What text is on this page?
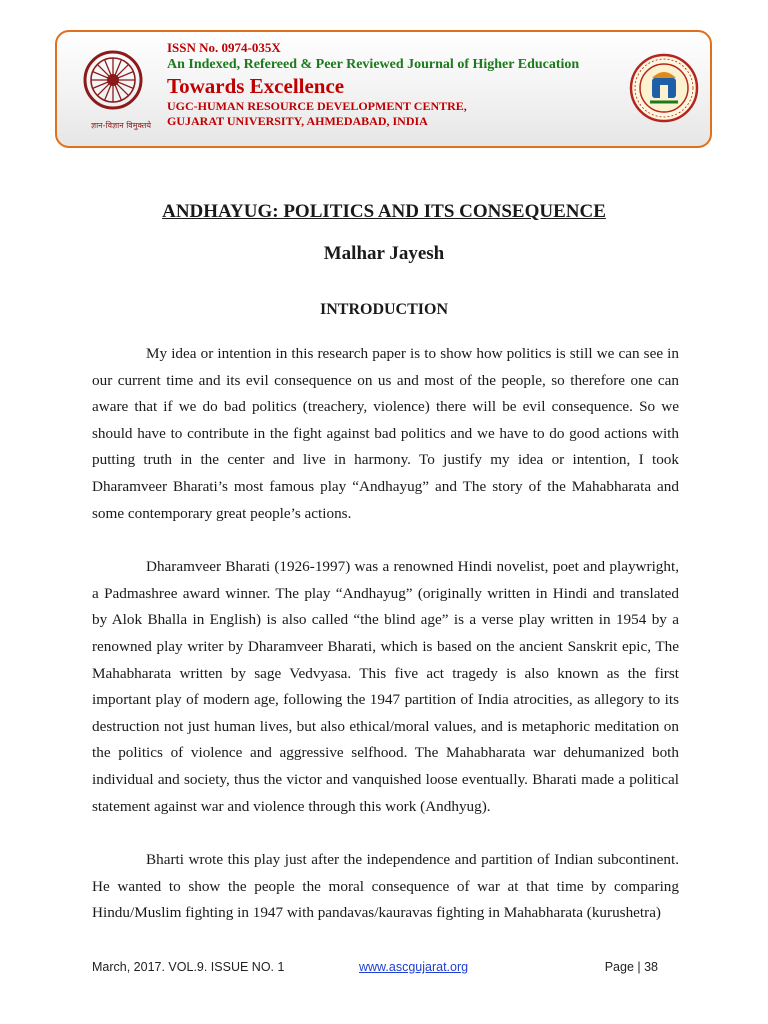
ज्ञान-विज्ञान विमुक्तये
ISSN No. 0974-035X
An Indexed, Refereed & Peer Reviewed Journal of Higher Education
Towards Excellence
UGC-HUMAN RESOURCE DEVELOPMENT CENTRE,
GUJARAT UNIVERSITY, AHMEDABAD, INDIA
ANDHAYUG: POLITICS AND ITS CONSEQUENCE
Malhar Jayesh
INTRODUCTION

My idea or intention in this research paper is to show how politics is still we can see in our current time and its evil consequence on us and most of the people, so therefore one can aware that if we do bad politics (treachery, violence) there will be evil consequence. So we should have to contribute in the fight against bad politics and we have to do good actions with putting truth in the center and live in harmony. To justify my idea or intention, I took Dharamveer Bharati’s most famous play “Andhayug” and The story of the Mahabharata and some contemporary great people’s actions.

Dharamveer Bharati (1926-1997) was a renowned Hindi novelist, poet and playwright, a Padmashree award winner. The play “Andhayug” (originally written in Hindi and translated by Alok Bhalla in English) is also called “the blind age” is a verse play written in 1954 by a renowned play writer by Dharamveer Bharati, which is based on the ancient Sanskrit epic, The Mahabharata written by sage Vedvyasa. This five act tragedy is also known as the first important play of modern age, following the 1947 partition of India atrocities, as allegory to its destruction not just human lives, but also ethical/moral values, and is metaphoric meditation on the politics of violence and aggressive selfhood. The Mahabharata war dehumanized both individual and society, thus the victor and vanquished loose eventually. Bharati made a political statement against war and violence through this work (Andhyug).

Bharti wrote this play just after the independence and partition of Indian subcontinent. He wanted to show the people the moral consequence of war at that time by comparing Hindu/Muslim fighting in 1947 with pandavas/kauravas fighting in Mahabharata (kurushetra)

March, 2017. VOL.9. ISSUE NO. 1	www.ascgujarat.org	Page | 38
